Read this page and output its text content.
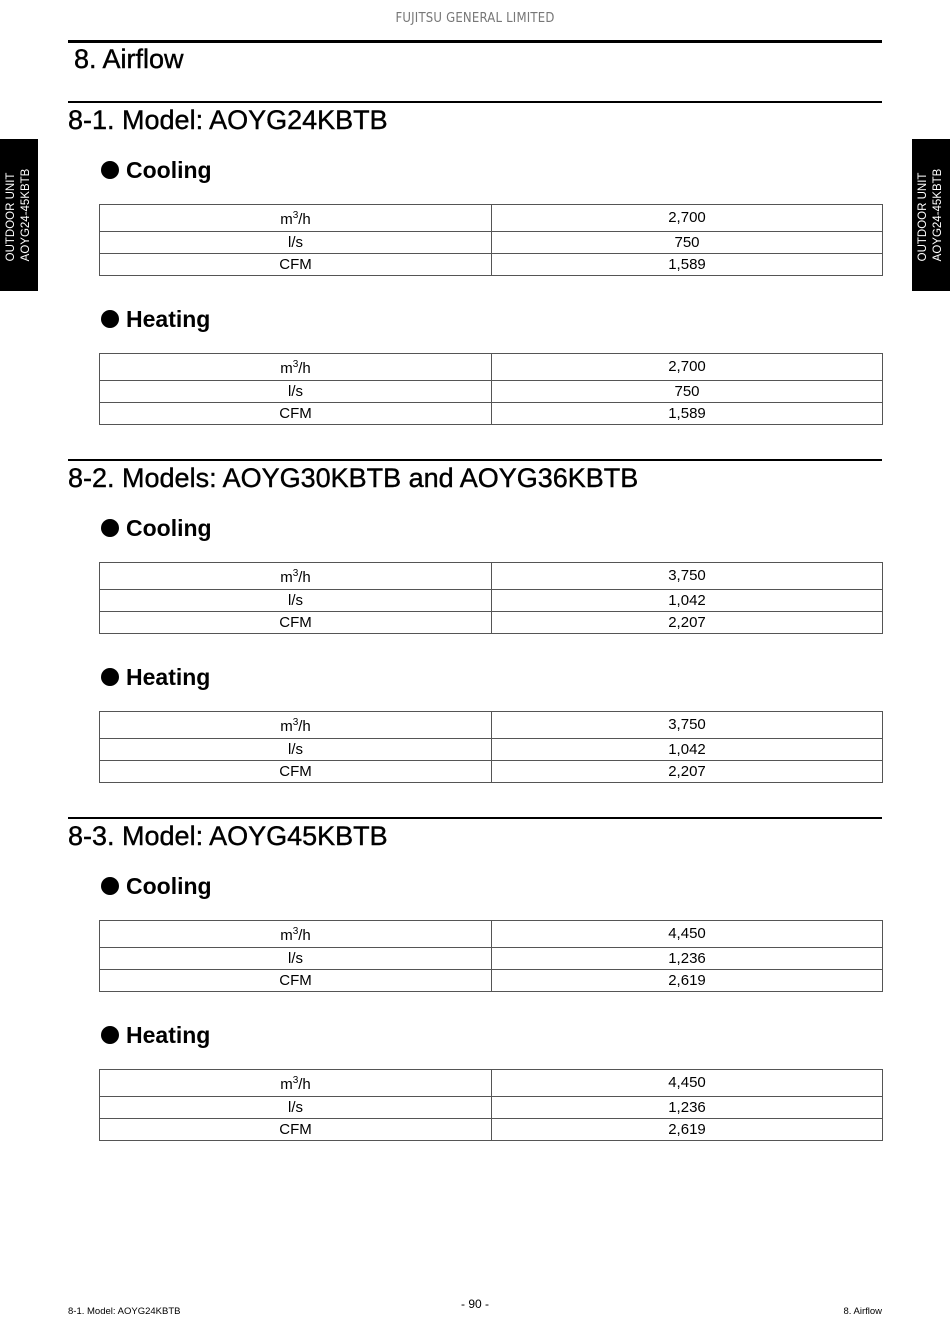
FUJITSU GENERAL LIMITED
OUTDOOR UNIT AOYG24-45KBTB	OUTDOOR UNIT AOYG24-45KBTB
8. Airflow
8-1. Model: AOYG24KBTB
Cooling
$m^3/h$	2,700
l/s	750
CFM	1,589
Heating
$m^3/h$	2,700
l/s	750
CFM	1,589
8-2. Models: AOYG30KBTB and AOYG36KBTB
Cooling
$m^3/h$	3,750
l/s	1,042
CFM	2,207
Heating
$m^3/h$	3,750
l/s	1,042
CFM	2,207
8-3. Model: AOYG45KBTB
Cooling
$m^3/h$	4,450
l/s	1,236
CFM	2,619
Heating
$m^3/h$	4,450
l/s	1,236
CFM	2,619
- 90 -
8-1. Model: AOYG24KBTB	8. Airflow
